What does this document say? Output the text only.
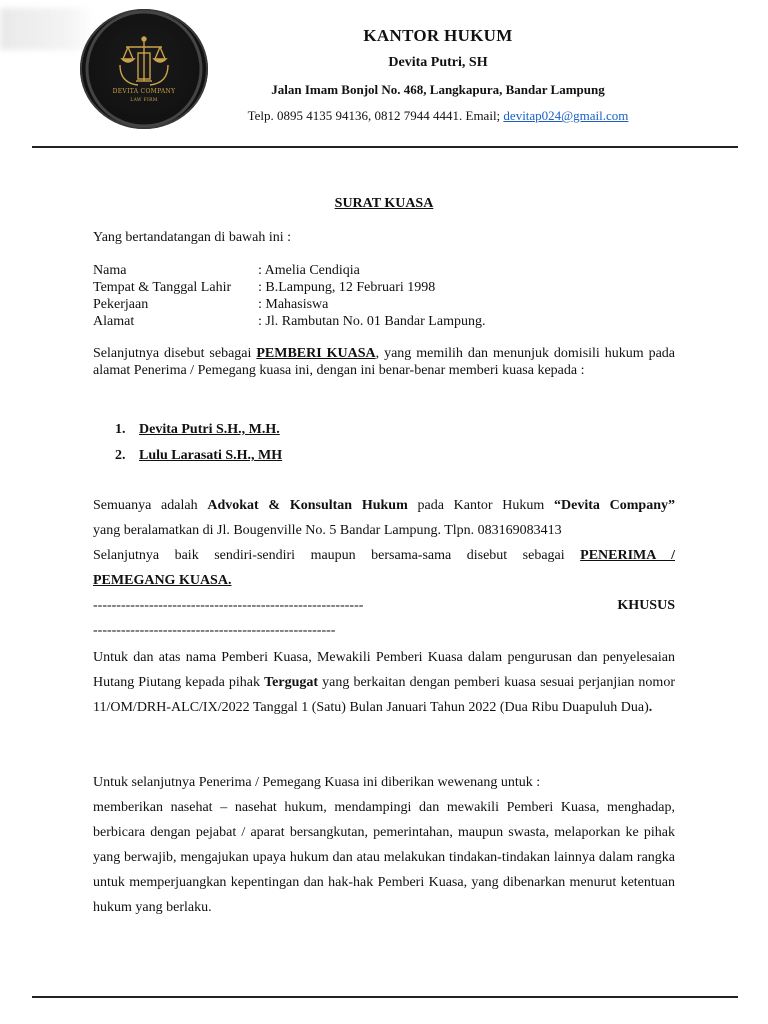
DEVITA COMPANY
LAW FIRM
KANTOR HUKUM
Devita Putri, SH
Jalan Imam Bonjol No. 468, Langkapura, Bandar Lampung
Telp. 0895 4135 94136, 0812 7944 4441. Email; devitap024@gmail.com
SURAT KUASA
Yang bertandatangan di bawah ini :
Nama	: Amelia Cendiqia
Tempat & Tanggal Lahir	: B.Lampung, 12 Februari 1998
Pekerjaan	: Mahasiswa
Alamat	: Jl. Rambutan No. 01 Bandar Lampung.
Selanjutnya disebut sebagai PEMBERI KUASA, yang memilih dan menunjuk domisili hukum pada alamat Penerima / Pemegang kuasa ini, dengan ini benar-benar memberi kuasa kepada :
1. Devita Putri S.H., M.H.
2. Lulu Larasati S.H., MH
Semuanya adalah Advokat & Konsultan Hukum pada Kantor Hukum “Devita Company”
yang beralamatkan di Jl. Bougenville No. 5 Bandar Lampung. Tlpn. 083169083413
Selanjutnya baik sendiri-sendiri maupun bersama-sama disebut sebagai PENERIMA /
PEMEGANG KUASA.
----------------------------------------------------------	KHUSUS
----------------------------------------------------
Untuk dan atas nama Pemberi Kuasa, Mewakili Pemberi Kuasa dalam pengurusan dan penyelesaian Hutang Piutang kepada pihak Tergugat yang berkaitan dengan pemberi kuasa sesuai perjanjian nomor 11/OM/DRH-ALC/IX/2022 Tanggal 1 (Satu) Bulan Januari Tahun 2022 (Dua Ribu Duapuluh Dua).
Untuk selanjutnya Penerima / Pemegang Kuasa ini diberikan wewenang untuk :
memberikan nasehat – nasehat hukum, mendampingi dan mewakili Pemberi Kuasa, menghadap, berbicara dengan pejabat / aparat bersangkutan, pemerintahan, maupun swasta, melaporkan ke pihak yang berwajib, mengajukan upaya hukum dan atau melakukan tindakan-tindakan lainnya dalam rangka untuk memperjuangkan kepentingan dan hak-hak Pemberi Kuasa, yang dibenarkan menurut ketentuan hukum yang berlaku.
